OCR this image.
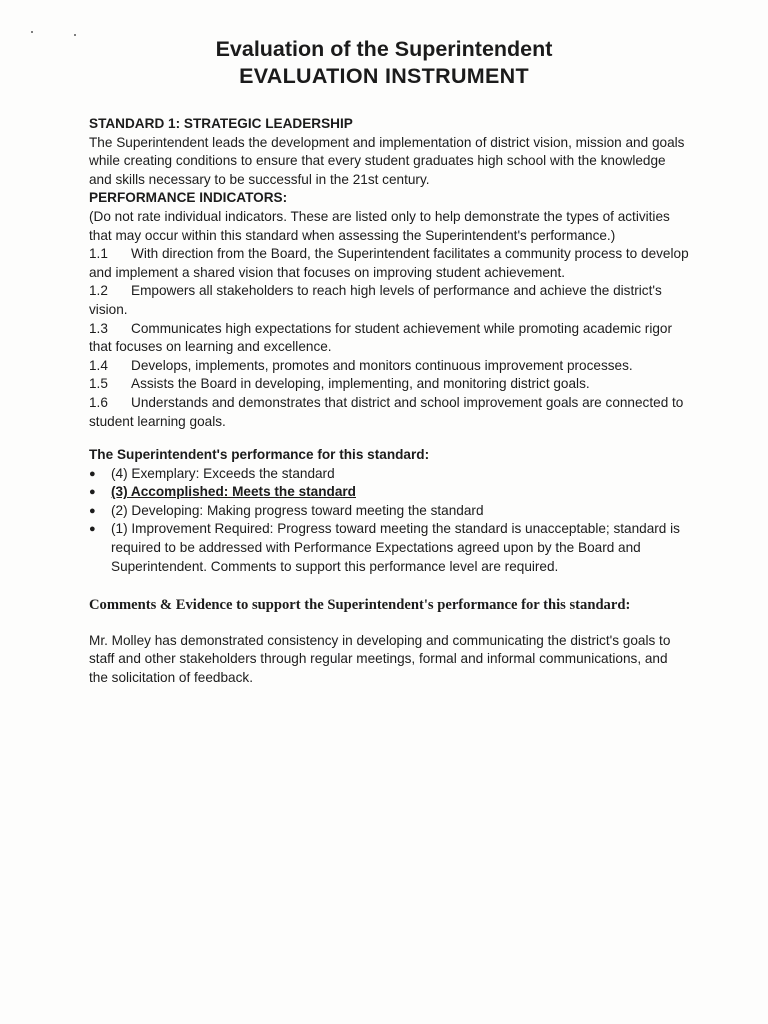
Evaluation of the Superintendent
EVALUATION INSTRUMENT

STANDARD 1: STRATEGIC LEADERSHIP

The Superintendent leads the development and implementation of district vision, mission and goals while creating conditions to ensure that every student graduates high school with the knowledge and skills necessary to be successful in the 21st century.

PERFORMANCE INDICATORS:

(Do not rate individual indicators. These are listed only to help demonstrate the types of activities that may occur within this standard when assessing the Superintendent's performance.)

1.1 With direction from the Board, the Superintendent facilitates a community process to develop and implement a shared vision that focuses on improving student achievement.

1.2 Empowers all stakeholders to reach high levels of performance and achieve the district's vision.

1.3 Communicates high expectations for student achievement while promoting academic rigor that focuses on learning and excellence.

1.4 Develops, implements, promotes and monitors continuous improvement processes.

1.5 Assists the Board in developing, implementing, and monitoring district goals.

1.6 Understands and demonstrates that district and school improvement goals are connected to student learning goals.

The Superintendent's performance for this standard:

● (4) Exemplary: Exceeds the standard
● (3) Accomplished: Meets the standard
● (2) Developing: Making progress toward meeting the standard
● (1) Improvement Required: Progress toward meeting the standard is unacceptable; standard is required to be addressed with Performance Expectations agreed upon by the Board and Superintendent. Comments to support this performance level are required.

Comments & Evidence to support the Superintendent's performance for this standard:

Mr. Molley has demonstrated consistency in developing and communicating the district's goals to staff and other stakeholders through regular meetings, formal and informal communications, and the solicitation of feedback.
